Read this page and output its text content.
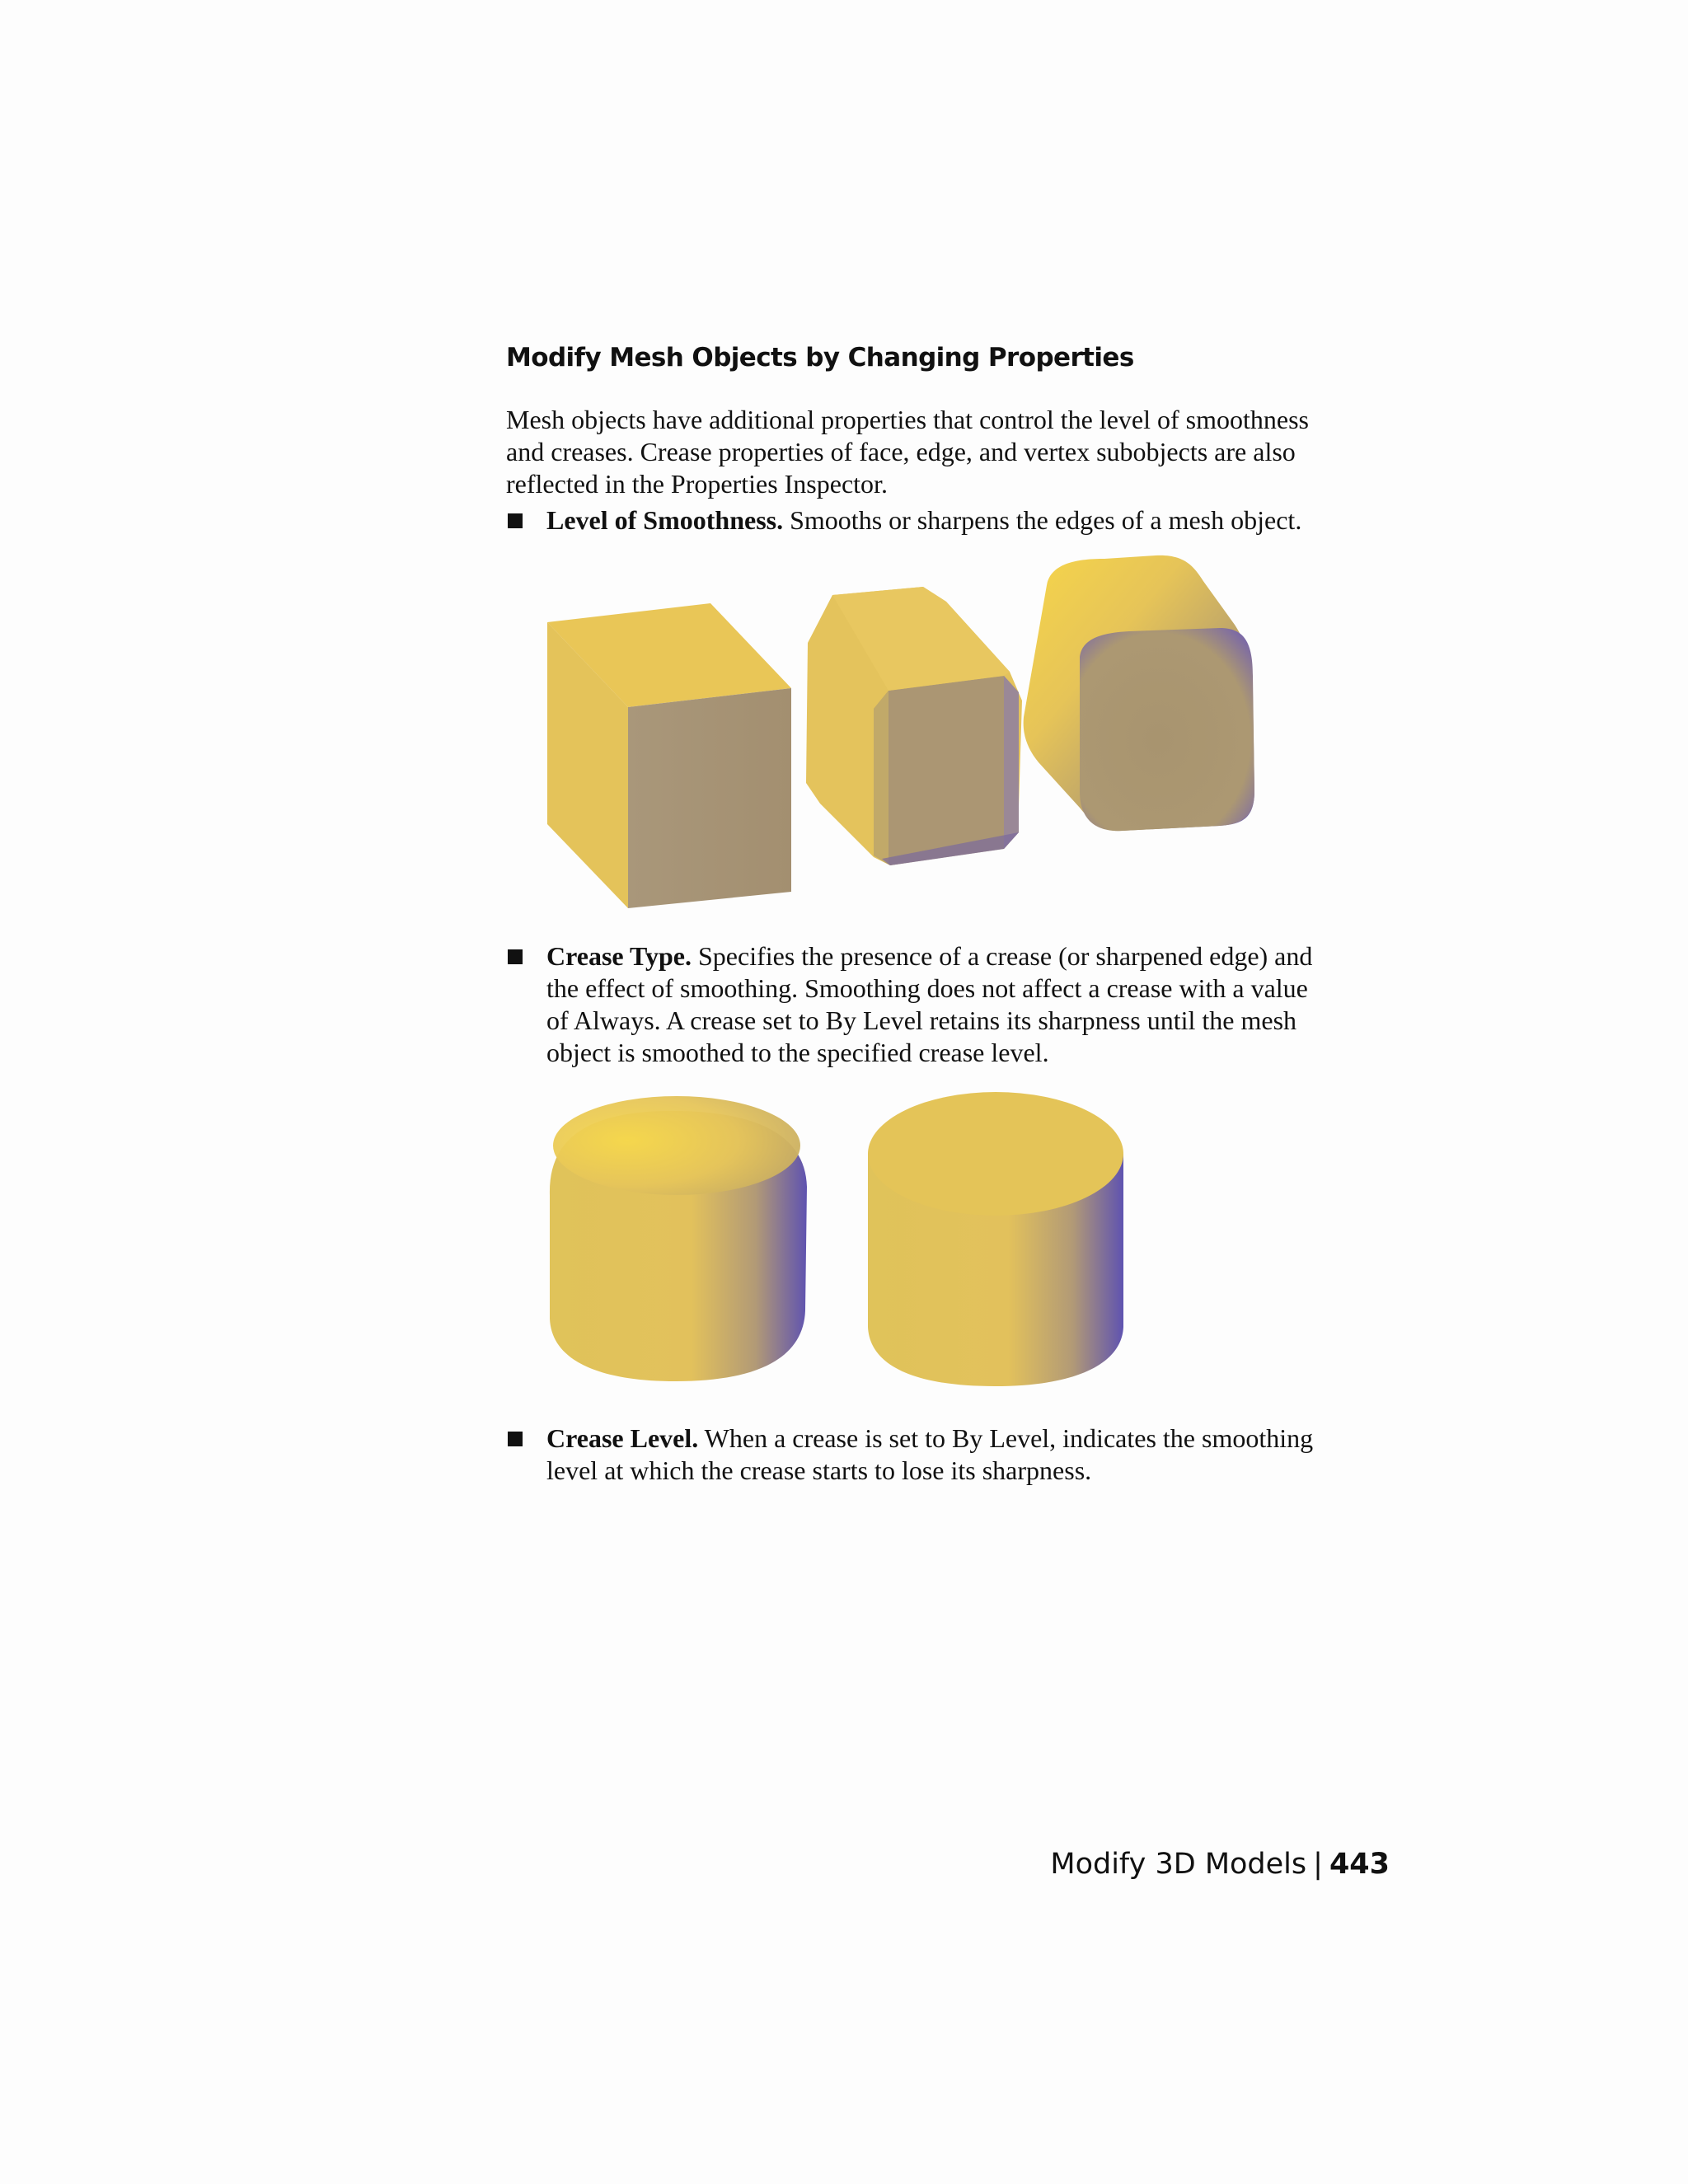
Modify Mesh Objects by Changing Properties
Mesh objects have additional properties that control the level of smoothness
and creases. Crease properties of face, edge, and vertex subobjects are also
reflected in the Properties Inspector.
Level of Smoothness. Smooths or sharpens the edges of a mesh object.
Crease Type. Specifies the presence of a crease (or sharpened edge) and
the effect of smoothing. Smoothing does not affect a crease with a value
of Always. A crease set to By Level retains its sharpness until the mesh
object is smoothed to the specified crease level.
Crease Level. When a crease is set to By Level, indicates the smoothing
level at which the crease starts to lose its sharpness.
Modify 3D Models | 443
